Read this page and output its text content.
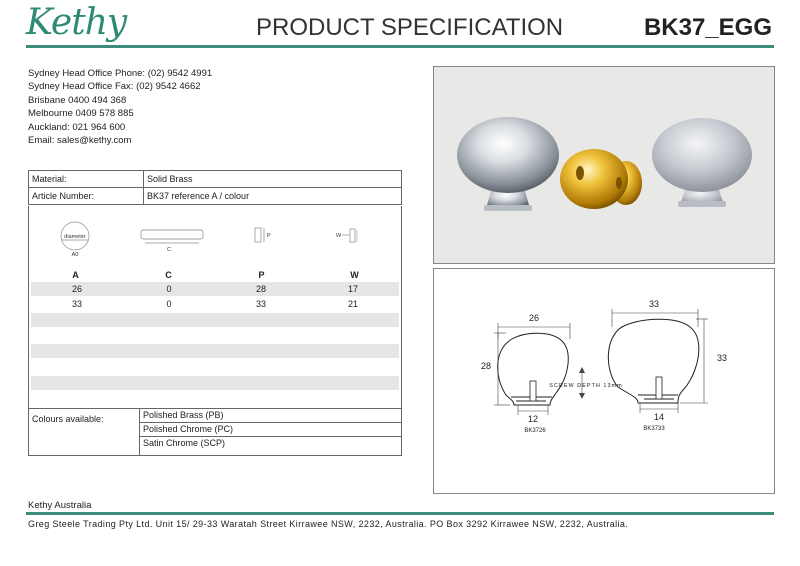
Kethy	PRODUCT SPECIFICATION	BK37_EGG
Sydney Head Office Phone: (02) 9542 4991
Sydney Head Office Fax: (02) 9542 4662
Brisbane 0400 494 368
Melbourne 0409 578 885
Auckland: 021 964 600
Email: sales@kethy.com
Material:	Solid Brass
Article Number:	BK37 reference A / colour
diameter
A0
C
P	W
A	C	P	W
26	0	28	17
33	0	33	21
Colours available:	Polished Brass (PB)
Polished Chrome (PC)
Satin Chrome (SCP)
26
33
28
33
12	14
BK3726	BK3733
SCREW DEPTH 13mm
Kethy Australia
Greg Steele Trading Pty Ltd. Unit 15/ 29-33 Waratah Street Kirrawee NSW, 2232, Australia. PO Box 3292 Kirrawee NSW, 2232, Australia.
